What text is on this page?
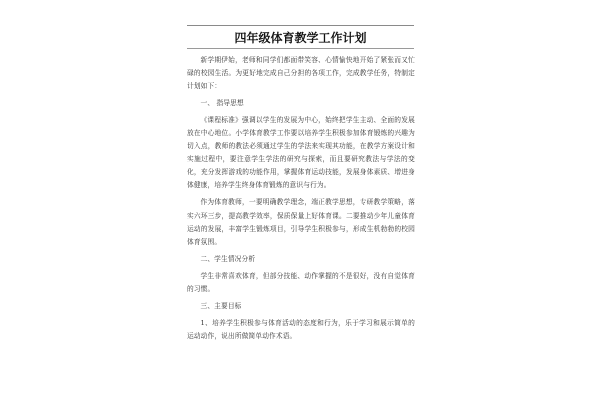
四年级体育教学工作计划

新学期伊始，老师和同学们都面带笑容、心情愉快地开始了紧张而又忙碌的校园生活。为更好地完成自己分担的各项工作，完成教学任务，特制定计划如下：

一、 指导思想

《课程标准》强调以学生的发展为中心，始终把学生主动、全面的发展放在中心地位。小学体育教学工作要以培养学生积极参加体育锻炼的兴趣为切入点，教师的教法必须通过学生的学法来实现其功能，在教学方案设计和实施过程中，要注意学生学法的研究与探索，而且要研究教法与学法的变化，充分发挥游戏的功能作用，掌握体育运动技能，发展身体素质、增进身体健康，培养学生终身体育锻炼的意识与行为。

作为体育教师，一要明确教学理念，端正教学思想，专研教学策略，落实六环三步，提高教学效率，保质保量上好体育课。二要推动少年儿童体育运动的发展，丰富学生锻炼项目，引导学生积极参与，形成生机勃勃的校园体育氛围。

二、学生情况分析

学生非常喜欢体育，但部分技能、动作掌握的不是很好，没有自觉体育的习惯。

三、主要目标

1、培养学生积极参与体育活动的态度和行为，乐于学习和展示简单的运动动作，说出所做简单动作术语。
